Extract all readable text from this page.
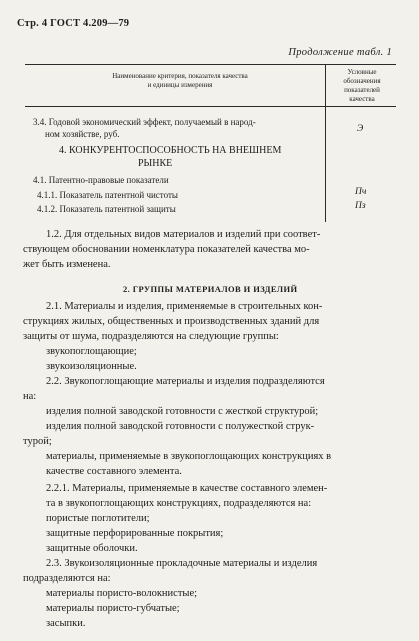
Стр. 4 ГОСТ 4.209—79
Продолжение табл. 1
Наименование критерия, показателя качества
и единицы измерения
Условные
обозначения
показателей
качества
3.4. Годовой экономический эффект, получаемый в народ-
ном хозяйстве, руб.	Э
4. КОНКУРЕНТОСПОСОБНОСТЬ НА ВНЕШНЕМ
РЫНКЕ
4.1. Патентно-правовые показатели
4.1.1. Показатель патентной чистоты	Пч
4.1.2. Показатель патентной защиты	Пз
1.2. Для отдельных видов материалов и изделий при соответ-
ствующем обосновании номенклатура показателей качества мо-
жет быть изменена.
2. ГРУППЫ МАТЕРИАЛОВ И ИЗДЕЛИЙ
2.1. Материалы и изделия, применяемые в строительных кон-
струкциях жилых, общественных и производственных зданий для
защиты от шума, подразделяются на следующие группы:
звукопоглощающие;
звукоизоляционные.
2.2. Звукопоглощающие материалы и изделия подразделяются
на:
изделия полной заводской готовности с жесткой структурой;
изделия полной заводской готовности с полужесткой струк-
турой;
материалы, применяемые в звукопоглощающих конструкциях в
качестве составного элемента.
2.2.1. Материалы, применяемые в качестве составного элемен-
та в звукопоглощающих конструкциях, подразделяются на:
пористые поглотители;
защитные перфорированные покрытия;
защитные оболочки.
2.3. Звукоизоляционные прокладочные материалы и изделия
подразделяются на:
материалы пористо-волокнистые;
материалы пористо-губчатые;
засыпки.
